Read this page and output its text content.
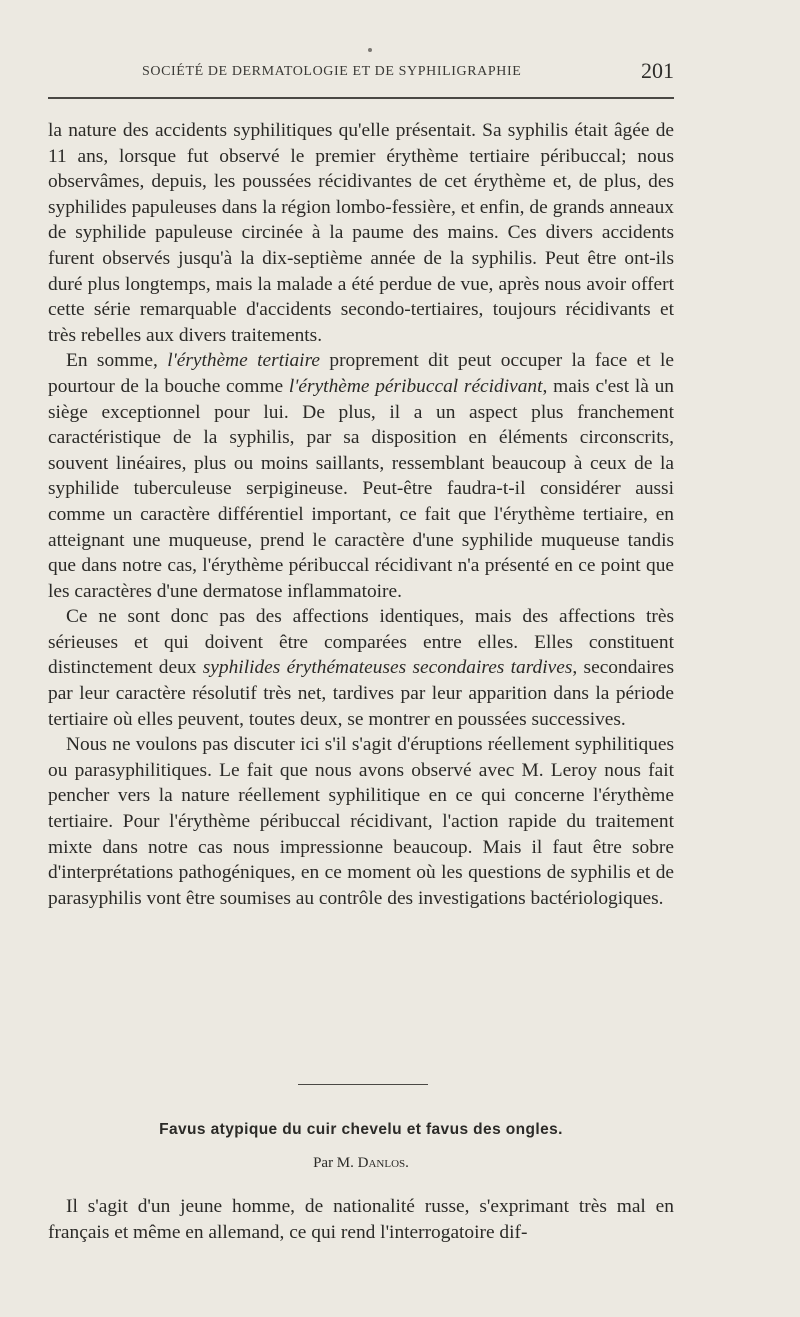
SOCIÉTÉ DE DERMATOLOGIE ET DE SYPHILIGRAPHIE	201

la nature des accidents syphilitiques qu'elle présentait. Sa syphilis était âgée de 11 ans, lorsque fut observé le premier érythème tertiaire péribuccal; nous observâmes, depuis, les poussées récidivantes de cet érythème et, de plus, des syphilides papuleuses dans la région lombo-fessière, et enfin, de grands anneaux de syphilide papuleuse circinée à la paume des mains. Ces divers accidents furent observés jusqu'à la dix-septième année de la syphilis. Peut être ont-ils duré plus longtemps, mais la malade a été perdue de vue, après nous avoir offert cette série remarquable d'accidents secondo-tertiaires, toujours récidivants et très rebelles aux divers traitements.

En somme, l'érythème tertiaire proprement dit peut occuper la face et le pourtour de la bouche comme l'érythème péribuccal récidivant, mais c'est là un siège exceptionnel pour lui. De plus, il a un aspect plus franchement caractéristique de la syphilis, par sa disposition en éléments circonscrits, souvent linéaires, plus ou moins saillants, ressemblant beaucoup à ceux de la syphilide tuberculeuse serpigineuse. Peut-être faudra-t-il considérer aussi comme un caractère différentiel important, ce fait que l'érythème tertiaire, en atteignant une muqueuse, prend le caractère d'une syphilide muqueuse tandis que dans notre cas, l'érythème péribuccal récidivant n'a présenté en ce point que les caractères d'une dermatose inflammatoire.

Ce ne sont donc pas des affections identiques, mais des affections très sérieuses et qui doivent être comparées entre elles. Elles constituent distinctement deux syphilides érythémateuses secondaires tardives, secondaires par leur caractère résolutif très net, tardives par leur apparition dans la période tertiaire où elles peuvent, toutes deux, se montrer en poussées successives.

Nous ne voulons pas discuter ici s'il s'agit d'éruptions réellement syphilitiques ou parasyphilitiques. Le fait que nous avons observé avec M. Leroy nous fait pencher vers la nature réellement syphilitique en ce qui concerne l'érythème tertiaire. Pour l'érythème péribuccal récidivant, l'action rapide du traitement mixte dans notre cas nous impressionne beaucoup. Mais il faut être sobre d'interprétations pathogéniques, en ce moment où les questions de syphilis et de parasyphilis vont être soumises au contrôle des investigations bactériologiques.

Favus atypique du cuir chevelu et favus des ongles.
Par M. Danlos.

Il s'agit d'un jeune homme, de nationalité russe, s'exprimant très mal en français et même en allemand, ce qui rend l'interrogatoire dif-
